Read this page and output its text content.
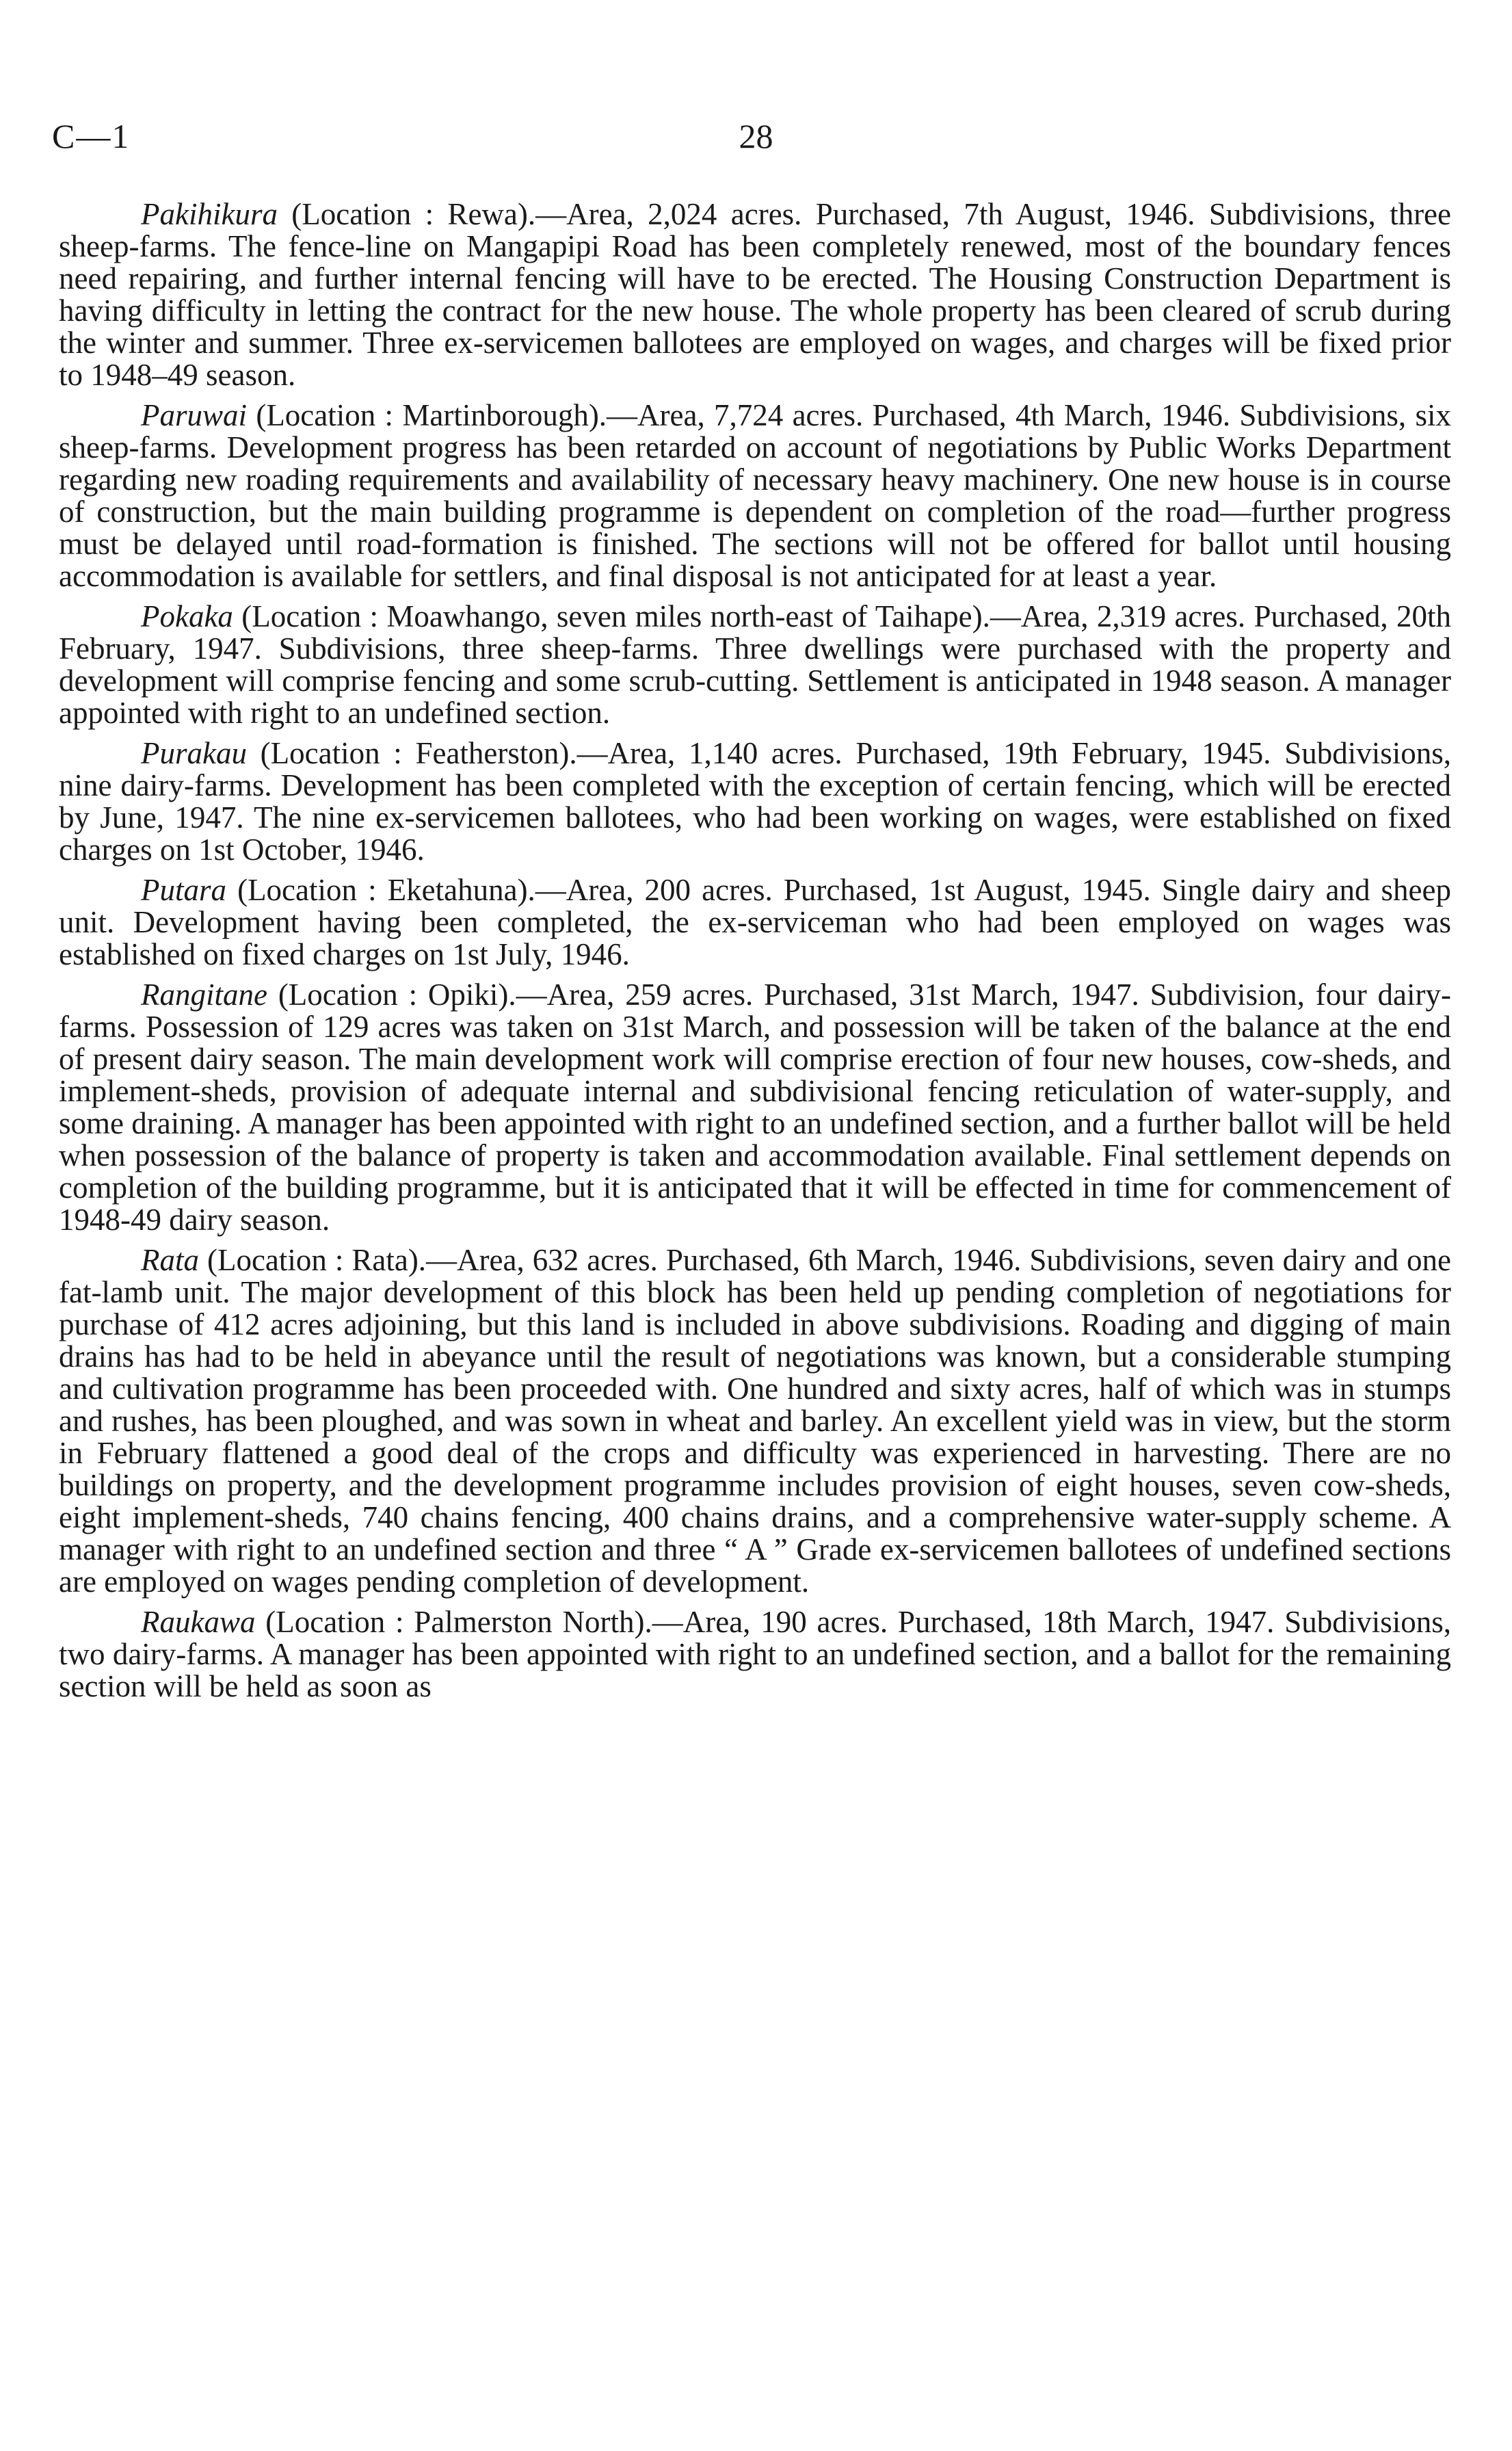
C—1	28

Pakihikura (Location : Rewa).—Area, 2,024 acres. Purchased, 7th August, 1946. Subdivisions, three sheep-farms. The fence-line on Mangapipi Road has been completely renewed, most of the boundary fences need repairing, and further internal fencing will have to be erected. The Housing Construction Department is having difficulty in letting the contract for the new house. The whole property has been cleared of scrub during the winter and summer. Three ex-servicemen ballotees are employed on wages, and charges will be fixed prior to 1948–49 season.

Paruwai (Location : Martinborough).—Area, 7,724 acres. Purchased, 4th March, 1946. Subdivisions, six sheep-farms. Development progress has been retarded on account of negotiations by Public Works Department regarding new roading requirements and availability of necessary heavy machinery. One new house is in course of construction, but the main building programme is dependent on completion of the road—further progress must be delayed until road-formation is finished. The sections will not be offered for ballot until housing accommodation is available for settlers, and final disposal is not anticipated for at least a year.

Pokaka (Location : Moawhango, seven miles north-east of Taihape).—Area, 2,319 acres. Purchased, 20th February, 1947. Subdivisions, three sheep-farms. Three dwellings were purchased with the property and development will comprise fencing and some scrub-cutting. Settlement is anticipated in 1948 season. A manager appointed with right to an undefined section.

Purakau (Location : Featherston).—Area, 1,140 acres. Purchased, 19th February, 1945. Subdivisions, nine dairy-farms. Development has been completed with the exception of certain fencing, which will be erected by June, 1947. The nine ex-servicemen ballotees, who had been working on wages, were established on fixed charges on 1st October, 1946.

Putara (Location : Eketahuna).—Area, 200 acres. Purchased, 1st August, 1945. Single dairy and sheep unit. Development having been completed, the ex-serviceman who had been employed on wages was established on fixed charges on 1st July, 1946.

Rangitane (Location : Opiki).—Area, 259 acres. Purchased, 31st March, 1947. Subdivision, four dairy-farms. Possession of 129 acres was taken on 31st March, and possession will be taken of the balance at the end of present dairy season. The main development work will comprise erection of four new houses, cow-sheds, and implement-sheds, provision of adequate internal and subdivisional fencing reticulation of water-supply, and some draining. A manager has been appointed with right to an undefined section, and a further ballot will be held when possession of the balance of property is taken and accommodation available. Final settlement depends on completion of the building programme, but it is anticipated that it will be effected in time for commencement of 1948-49 dairy season.

Rata (Location : Rata).—Area, 632 acres. Purchased, 6th March, 1946. Subdivisions, seven dairy and one fat-lamb unit. The major development of this block has been held up pending completion of negotiations for purchase of 412 acres adjoining, but this land is included in above subdivisions. Roading and digging of main drains has had to be held in abeyance until the result of negotiations was known, but a considerable stumping and cultivation programme has been proceeded with. One hundred and sixty acres, half of which was in stumps and rushes, has been ploughed, and was sown in wheat and barley. An excellent yield was in view, but the storm in February flattened a good deal of the crops and difficulty was experienced in harvesting. There are no buildings on property, and the development programme includes provision of eight houses, seven cow-sheds, eight implement-sheds, 740 chains fencing, 400 chains drains, and a comprehensive water-supply scheme. A manager with right to an undefined section and three “ A ” Grade ex-servicemen ballotees of undefined sections are employed on wages pending completion of development.

Raukawa (Location : Palmerston North).—Area, 190 acres. Purchased, 18th March, 1947. Subdivisions, two dairy-farms. A manager has been appointed with right to an undefined section, and a ballot for the remaining section will be held as soon as
